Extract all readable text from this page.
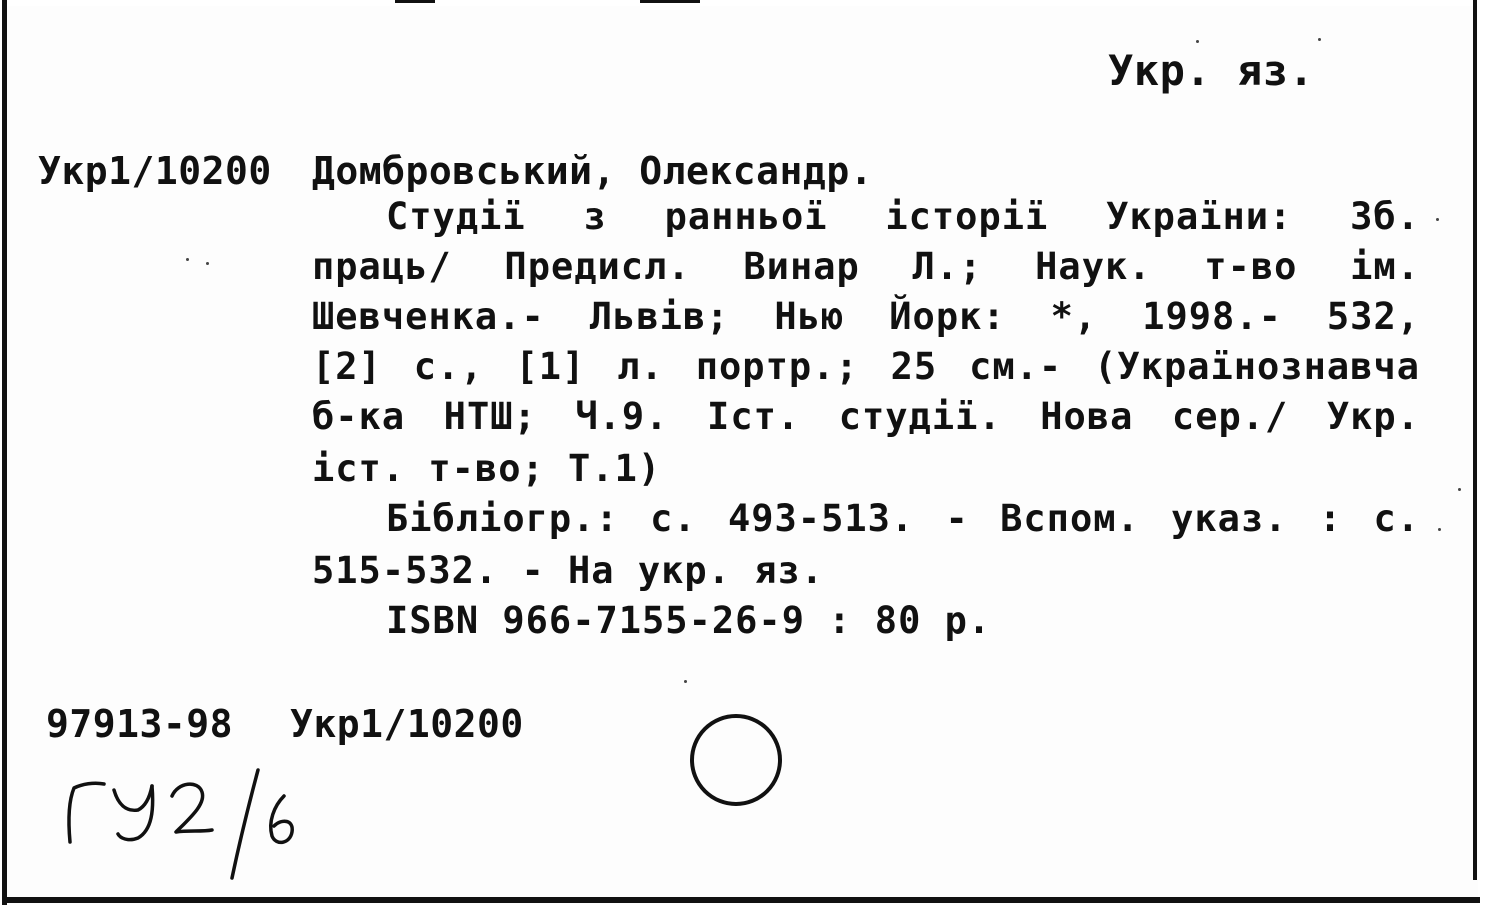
Укр. яз.
Укр1/10200 Домбровський, Олександр.
Студії з ранньої історії України: Зб.
праць/ Предисл. Винар Л.; Наук. т-во ім.
Шевченка.- Львів; Нью Йорк: *, 1998.- 532,
[2] с., [1] л. портр.; 25 см.- (Українознавча
б-ка НТШ; Ч.9. Іст. студії. Нова сер./ Укр.
іст. т-во; Т.1)
Бібліогр.: с. 493-513. - Вспом. указ. : с.
515-532. - На укр. яз.
ISBN 966-7155-26-9 : 80 р.
97913-98 Укр1/10200
